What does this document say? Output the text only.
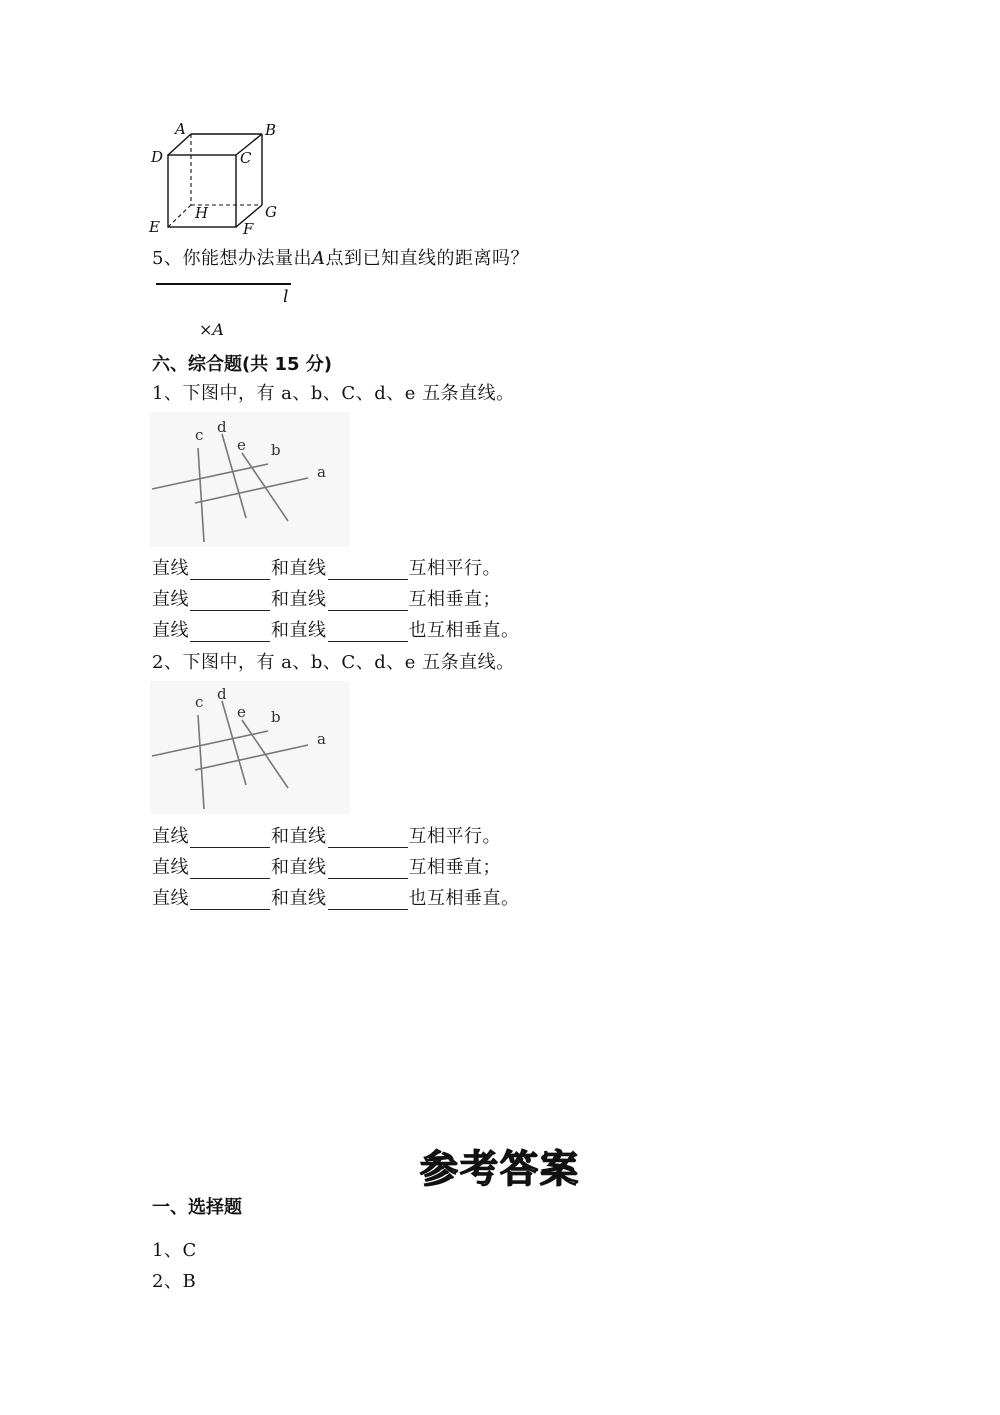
A	B
C
D
E	F
G
H
5、你能想办法量出A点到已知直线的距离吗？
l
×A
六、综合题(共 15 分)
1、下图中，有 a、b、C、d、e 五条直线。
c d
e b
a
直线	和直线	互相平行。
直线	和直线	互相垂直；
直线	和直线	也互相垂直。
2、下图中，有 a、b、C、d、e 五条直线。
c d
e b
a
直线	和直线	互相平行。
直线	和直线	互相垂直；
直线	和直线	也互相垂直。
参考答案
一、选择题
1、C
2、B
